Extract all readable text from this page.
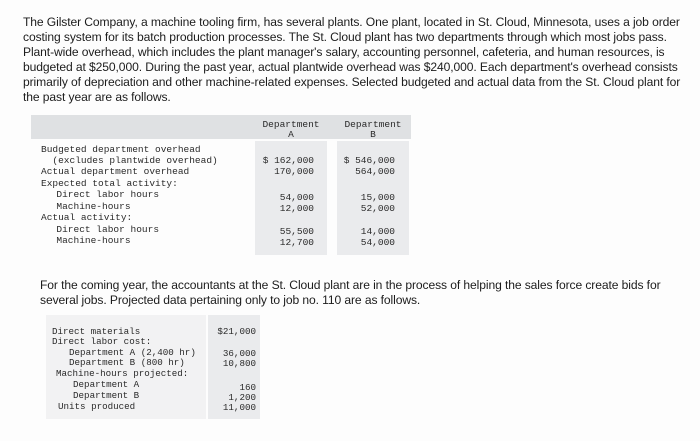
The Gilster Company, a machine tooling firm, has several plants. One plant, located in St. Cloud, Minnesota, uses a job order costing system for its batch production processes. The St. Cloud plant has two departments through which most jobs pass. Plant-wide overhead, which includes the plant manager's salary, accounting personnel, cafeteria, and human resources, is budgeted at $250,000. During the past year, actual plantwide overhead was $240,000. Each department's overhead consists primarily of depreciation and other machine-related expenses. Selected budgeted and actual data from the St. Cloud plant for the past year are as follows.
Department
A
Department
B
Budgeted department overhead
(excludes plantwide overhead)
Actual department overhead
Expected total activity:
Direct labor hours
Machine-hours
Actual activity:
Direct labor hours
Machine-hours
$ 162,000
170,000
54,000
12,000
55,500
12,700
$ 546,000
564,000
15,000
52,000
14,000
54,000
For the coming year, the accountants at the St. Cloud plant are in the process of helping the sales force create bids for several jobs. Projected data pertaining only to job no. 110 are as follows.
Direct materials
Direct labor cost:
Department A (2,400 hr)
Department B (800 hr)
Machine-hours projected:
Department A
Department B
Units produced
$21,000
36,000
10,800
160
1,200
11,000
